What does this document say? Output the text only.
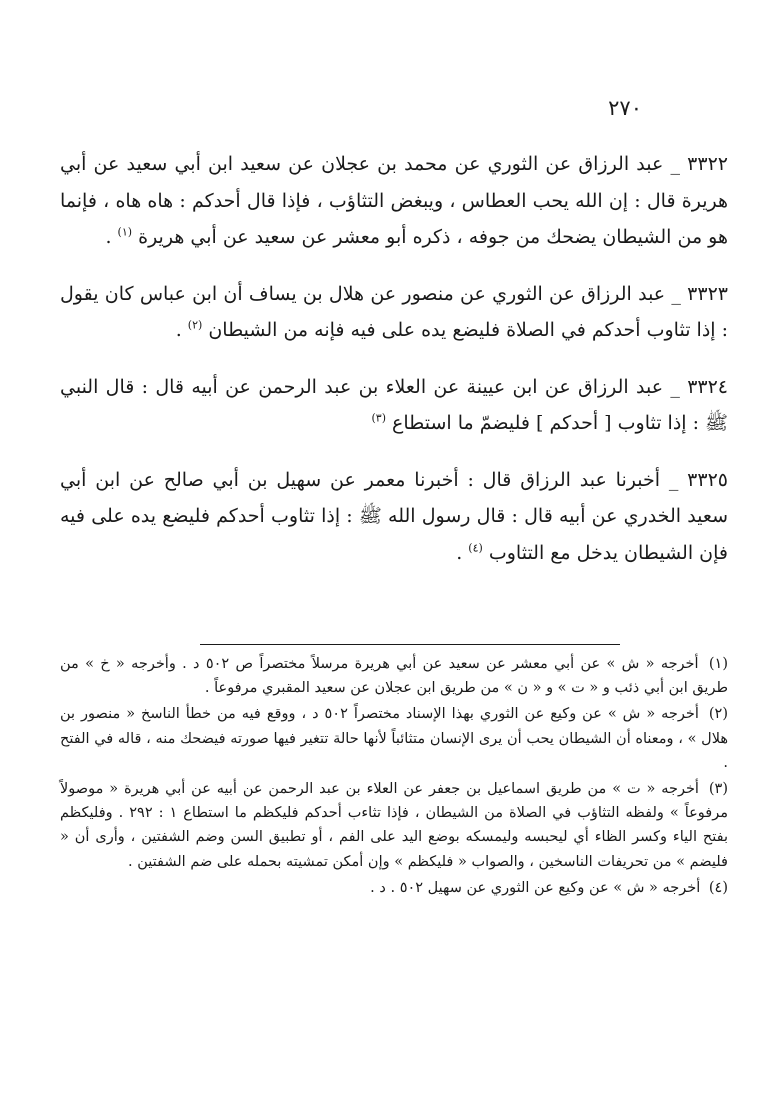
٢٧٠

٣٣٢٢ _ عبد الرزاق عن الثوري عن محمد بن عجلان عن سعيد ابن أبي سعيد عن أبي هريرة قال : إن الله يحب العطاس ، ويبغض التثاؤب ، فإذا قال أحدكم : هاه هاه ، فإنما هو من الشيطان يضحك من جوفه ، ذكره أبو معشر عن سعيد عن أبي هريرة $^{(١)}$ .

٣٣٢٣ _ عبد الرزاق عن الثوري عن منصور عن هلال بن يساف أن ابن عباس كان يقول : إذا تثاوب أحدكم في الصلاة فليضع يده على فيه فإنه من الشيطان $^{(٢)}$ .

٣٣٢٤ _ عبد الرزاق عن ابن عيينة عن العلاء بن عبد الرحمن عن أبيه قال : قال النبي ﷺ : إذا تثاوب [ أحدكم ] فليضمّ ما استطاع $^{(٣)}$

٣٣٢٥ _ أخبرنا عبد الرزاق قال : أخبرنا معمر عن سهيل بن أبي صالح عن ابن أبي سعيد الخدري عن أبيه قال : قال رسول الله ﷺ : إذا تثاوب أحدكم فليضع يده على فيه فإن الشيطان يدخل مع التثاوب $^{(٤)}$ .

(١) أخرجه « ش » عن أبي معشر عن سعيد عن أبي هريرة مرسلاً مختصراً ص ٥٠٢ د . وأخرجه « خ » من طريق ابن أبي ذئب و « ت » و « ن » من طريق ابن عجلان عن سعيد المقبري مرفوعاً .

(٢) أخرجه « ش » عن وكيع عن الثوري بهذا الإسناد مختصراً ٥٠٢ د ، ووقع فيه من خطأ الناسخ « منصور بن هلال » ، ومعناه أن الشيطان يحب أن يرى الإنسان متثائباً لأنها حالة تتغير فيها صورته فيضحك منه ، قاله في الفتح .

(٣) أخرجه « ت » من طريق اسماعيل بن جعفر عن العلاء بن عبد الرحمن عن أبيه عن أبي هريرة « موصولاً مرفوعاً » ولفظه التثاؤب في الصلاة من الشيطان ، فإذا تثاءب أحدكم فليكظم ما استطاع ١ : ٢٩٢ . وفليكظم بفتح الياء وكسر الظاء أي ليحبسه وليمسكه بوضع اليد على الفم ، أو تطبيق السن وضم الشفتين ، وأرى أن « فليضم » من تحريفات الناسخين ، والصواب « فليكظم » وإن أمكن تمشيته بحمله على ضم الشفتين .

(٤) أخرجه « ش » عن وكيع عن الثوري عن سهيل ٥٠٢ . د .
